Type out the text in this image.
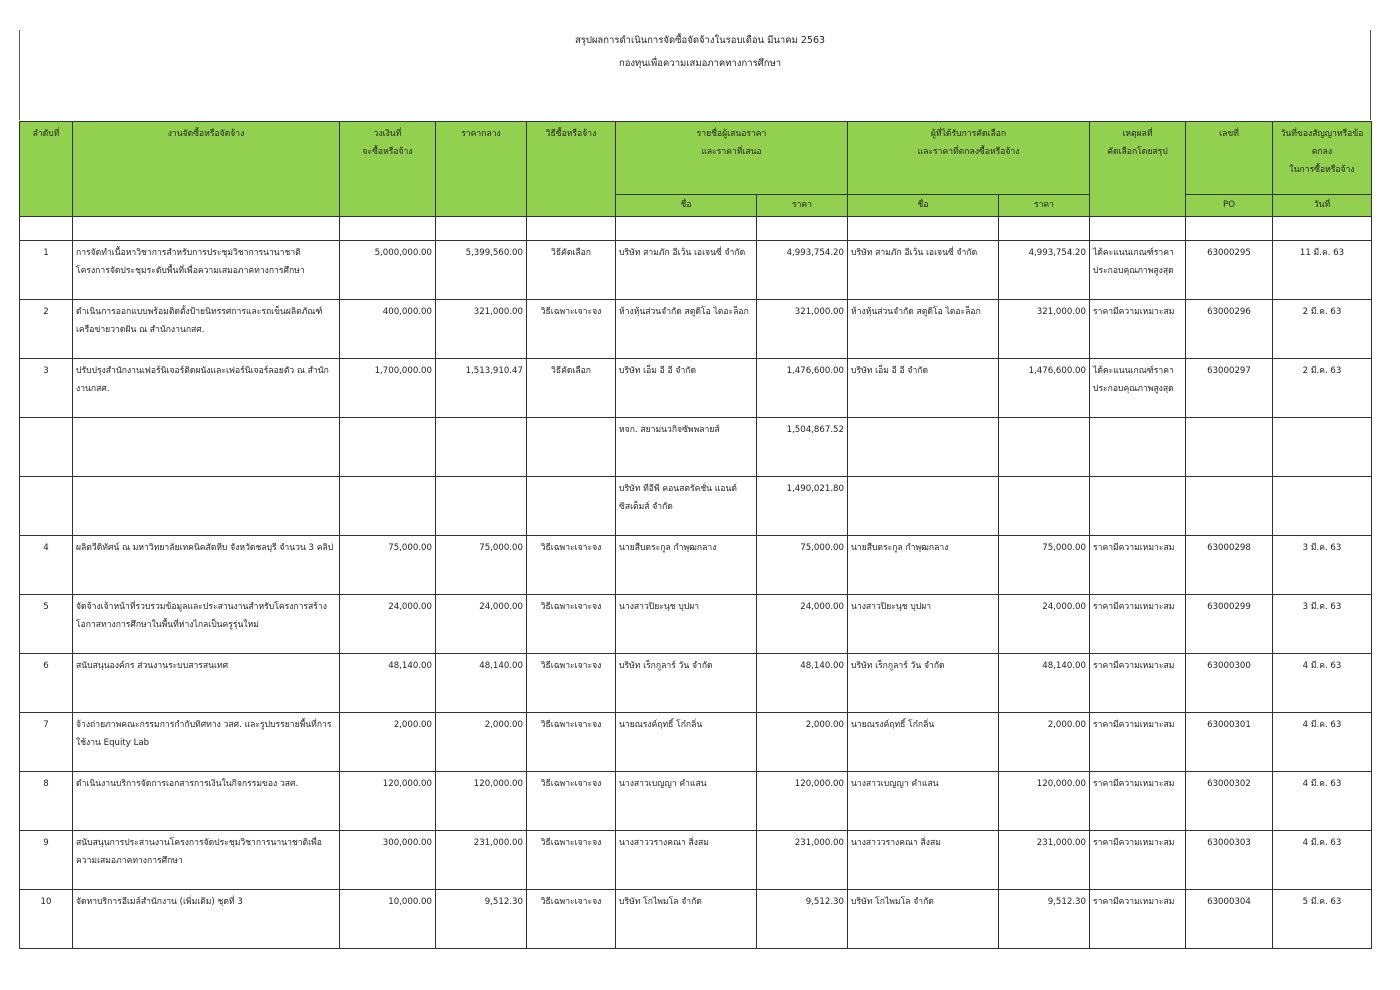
สรุปผลการดำเนินการจัดซื้อจัดจ้างในรอบเดือน มีนาคม 2563
กองทุนเพื่อความเสมอภาคทางการศึกษา
ลำดับที่	งานจัดซื้อหรือจัดจ้าง	วงเงินที่
จะซื้อหรือจ้าง	ราคากลาง	วิธีซื้อหรือจ้าง	รายชื่อผู้เสนอราคา
และราคาที่เสนอ		ผู้ที่ได้รับการคัดเลือก
และราคาที่ตกลงซื้อหรือจ้าง		เหตุผลที่
คัดเลือกโดยสรุป	เลขที่	วันที่ของสัญญาหรือข้อตกลง
ในการซื้อหรือจ้าง
					ชื่อ	ราคา	ชื่อ	ราคา		PO	วันที่

1	การจัดทำเนื้อหาวิชาการสำหรับการประชุมวิชาการนานาชาติ โครงการจัดประชุมระดับพื้นที่เพื่อความเสมอภาคทางการศึกษา	5,000,000.00	5,399,560.00	วิธีคัดเลือก	บริษัท สามภัก อีเว้น เอเจนซี่ จำกัด	4,993,754.20	บริษัท สามภัก อีเว้น เอเจนซี่ จำกัด	4,993,754.20	ได้คะแนนเกณฑ์ราคาประกอบคุณภาพสูงสุด	63000295	11 มี.ค. 63
2	ดำเนินการออกแบบพร้อมติดตั้งป้ายนิทรรศการและรถเข็นผลิตภัณฑ์เครือข่ายวาดฝัน ณ สำนักงานกสศ.	400,000.00	321,000.00	วิธีเฉพาะเจาะจง	ห้างหุ้นส่วนจำกัด สตูดิโอ ไตอะล็อก	321,000.00	ห้างหุ้นส่วนจำกัด สตูดิโอ ไตอะล็อก	321,000.00	ราคามีความเหมาะสม	63000296	2 มี.ค. 63
3	ปรับปรุงสำนักงานเฟอร์นิเจอร์ติดผนังและเฟอร์นิเจอร์ลอยตัว ณ สำนักงานกสศ.	1,700,000.00	1,513,910.47	วิธีคัดเลือก	บริษัท เอ็ม อี อี จำกัด	1,476,600.00	บริษัท เอ็ม อี อี จำกัด	1,476,600.00	ได้คะแนนเกณฑ์ราคาประกอบคุณภาพสูงสุด	63000297	2 มี.ค. 63
					หจก. สยามนวกิจซัพพลายส์	1,504,867.52					
					บริษัท ทีอีพี คอนสตรัคชั่น แอนด์ ซิสเต็มส์ จำกัด	1,490,021.80					
4	ผลิตวีดิทัศน์ ณ มหาวิทยาลัยเทคนิคสัตหีบ จังหวัดชลบุรี จำนวน 3 คลิป	75,000.00	75,000.00	วิธีเฉพาะเจาะจง	นายสืบตระกูล กำพุฒกลาง	75,000.00	นายสืบตระกูล กำพุฒกลาง	75,000.00	ราคามีความเหมาะสม	63000298	3 มี.ค. 63
5	จัดจ้างเจ้าหน้าที่รวบรวมข้อมูลและประสานงานสำหรับโครงการสร้างโอกาสทางการศึกษาในพื้นที่ห่างไกลเป็นครูรุ่นใหม่	24,000.00	24,000.00	วิธีเฉพาะเจาะจง	นางสาวปิยะนุช บุปผา	24,000.00	นางสาวปิยะนุช บุปผา	24,000.00	ราคามีความเหมาะสม	63000299	3 มี.ค. 63
6	สนับสนุนองค์กร ส่วนงานระบบสารสนเทศ	48,140.00	48,140.00	วิธีเฉพาะเจาะจง	บริษัท เร็กกูลาร์ วัน จำกัด	48,140.00	บริษัท เร็กกูลาร์ วัน จำกัด	48,140.00	ราคามีความเหมาะสม	63000300	4 มี.ค. 63
7	จ้างถ่ายภาพคณะกรรมการกำกับทิศทาง วสศ. และรูปบรรยายพื้นที่การใช้งาน Equity Lab	2,000.00	2,000.00	วิธีเฉพาะเจาะจง	นายณรงค์ฤทธิ์ โก๋กลิ่น	2,000.00	นายณรงค์ฤทธิ์ โก๋กลิ่น	2,000.00	ราคามีความเหมาะสม	63000301	4 มี.ค. 63
8	ดำเนินงานบริการจัดการเอกสารการเงินในกิจกรรมของ วสศ.	120,000.00	120,000.00	วิธีเฉพาะเจาะจง	นางสาวเบญญา คำแสน	120,000.00	นางสาวเบญญา คำแสน	120,000.00	ราคามีความเหมาะสม	63000302	4 มี.ค. 63
9	สนับสนุนการประสานงานโครงการจัดประชุมวิชาการนานาชาติเพื่อความเสมอภาคทางการศึกษา	300,000.00	231,000.00	วิธีเฉพาะเจาะจง	นางสาววรางคณา สิ่งสม	231,000.00	นางสาววรางคณา สิ่งสม	231,000.00	ราคามีความเหมาะสม	63000303	4 มี.ค. 63
10	จัดหาบริการอีเมล์สำนักงาน (เพิ่มเติม) ชุดที่ 3	10,000.00	9,512.30	วิธีเฉพาะเจาะจง	บริษัท โกไพมโล จำกัด	9,512.30	บริษัท โกไพมโล จำกัด	9,512.30	ราคามีความเหมาะสม	63000304	5 มี.ค. 63
